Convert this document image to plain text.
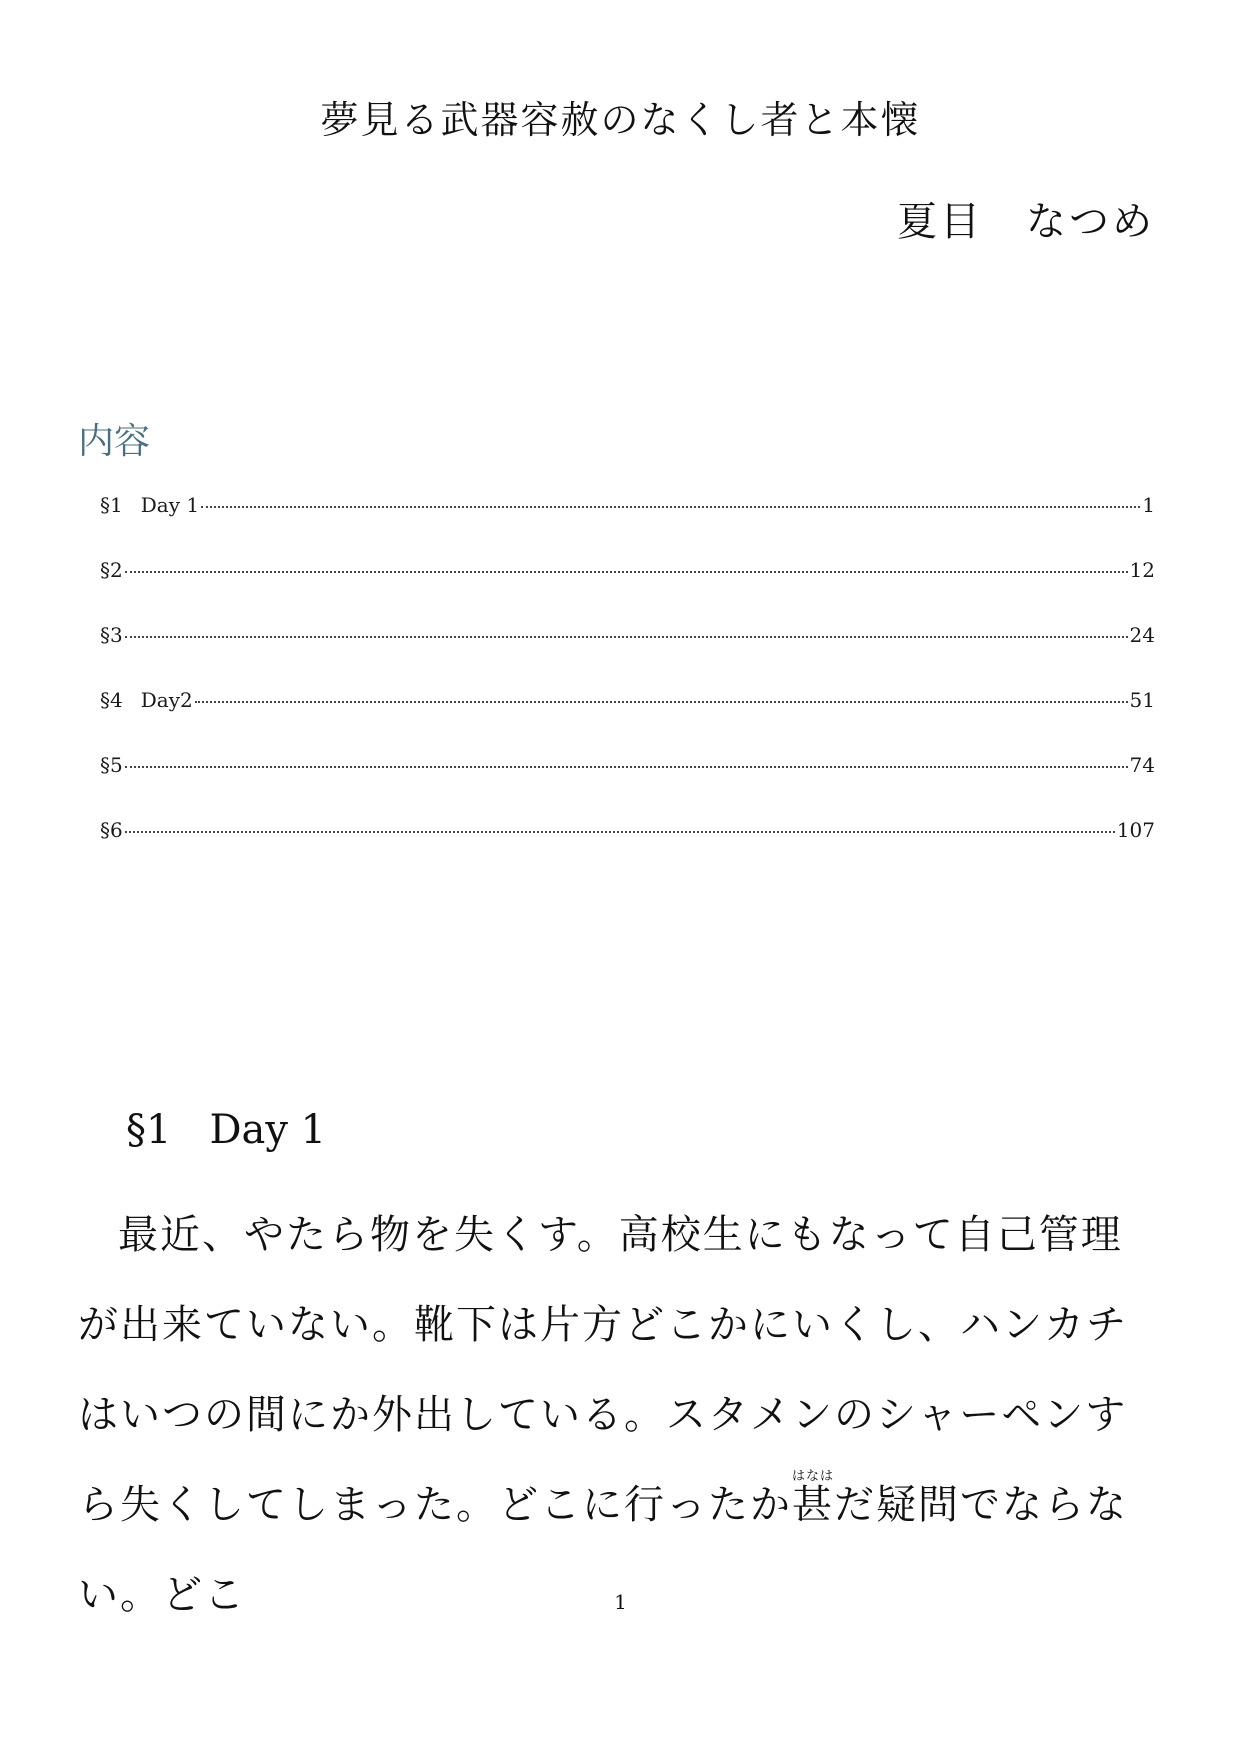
夢見る武器容赦のなくし者と本懐
夏目　なつめ
内容
§1 Day 1	1
§2	12
§3	24
§4 Day2	51
§5	74
§6	107
§1 Day 1

最近、やたら物を失くす。高校生にもなって自己管理が出来ていない。靴下は片方どこかにいくし、ハンカチはいつの間にか外出している。スタメンのシャーペンすら失くしてしまった。どこに行ったか甚はなはだ疑問でならない。どこ	1
